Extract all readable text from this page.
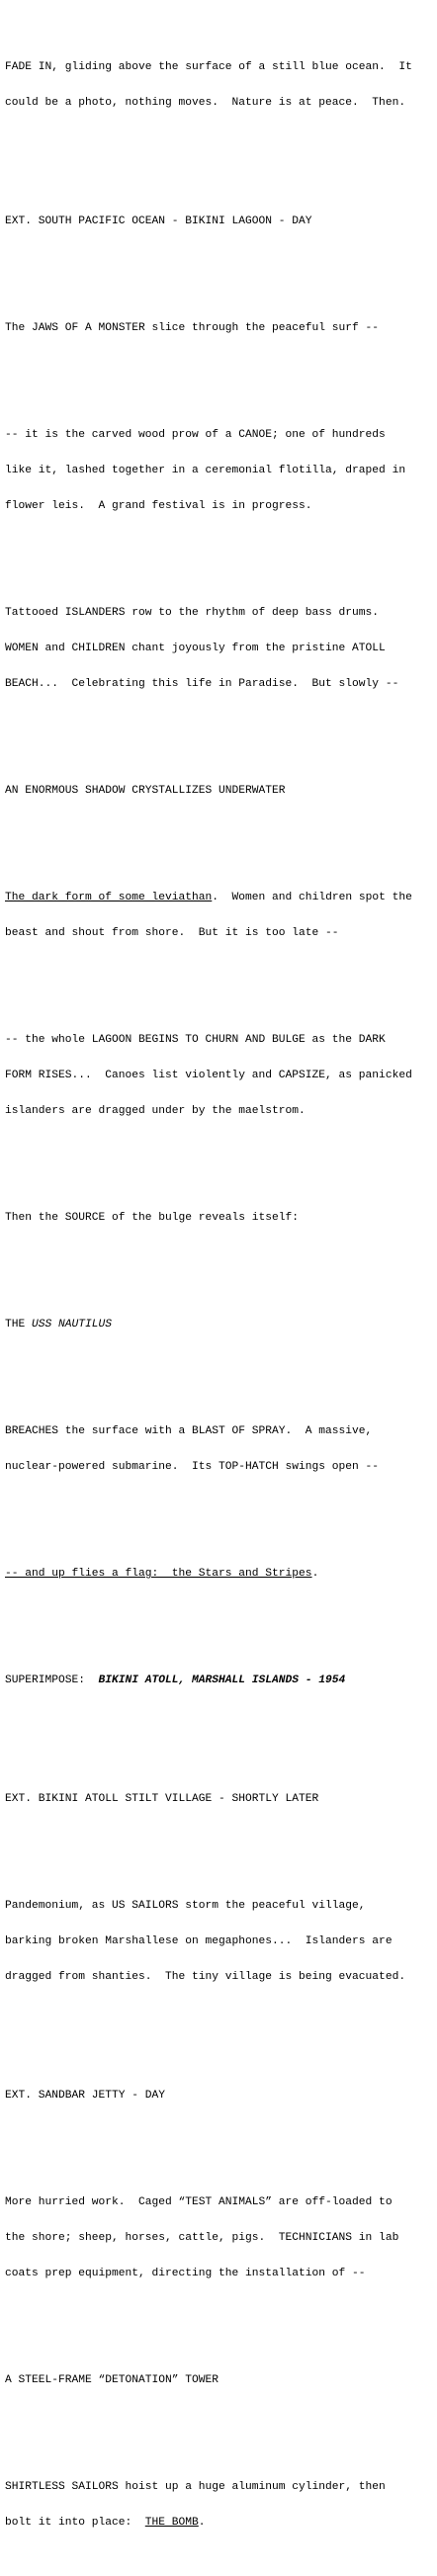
FADE IN, gliding above the surface of a still blue ocean.  It

could be a photo, nothing moves.  Nature is at peace.  Then.

EXT. SOUTH PACIFIC OCEAN - BIKINI LAGOON - DAY

The JAWS OF A MONSTER slice through the peaceful surf --

-- it is the carved wood prow of a CANOE; one of hundreds

like it, lashed together in a ceremonial flotilla, draped in

flower leis.  A grand festival is in progress.

Tattooed ISLANDERS row to the rhythm of deep bass drums.

WOMEN and CHILDREN chant joyously from the pristine ATOLL

BEACH...  Celebrating this life in Paradise.  But slowly --

AN ENORMOUS SHADOW CRYSTALLIZES UNDERWATER

The dark form of some leviathan.  Women and children spot the

beast and shout from shore.  But it is too late --

-- the whole LAGOON BEGINS TO CHURN AND BULGE as the DARK

FORM RISES...  Canoes list violently and CAPSIZE, as panicked

islanders are dragged under by the maelstrom.

Then the SOURCE of the bulge reveals itself:

THE USS NAUTILUS

BREACHES the surface with a BLAST OF SPRAY.  A massive,

nuclear-powered submarine.  Its TOP-HATCH swings open --

-- and up flies a flag:  the Stars and Stripes.

SUPERIMPOSE:  BIKINI ATOLL, MARSHALL ISLANDS - 1954

EXT. BIKINI ATOLL STILT VILLAGE - SHORTLY LATER

Pandemonium, as US SAILORS storm the peaceful village,

barking broken Marshallese on megaphones...  Islanders are

dragged from shanties.  The tiny village is being evacuated.

EXT. SANDBAR JETTY - DAY

More hurried work.  Caged “TEST ANIMALS” are off-loaded to

the shore; sheep, horses, cattle, pigs.  TECHNICIANS in lab

coats prep equipment, directing the installation of --

A STEEL-FRAME “DETONATION” TOWER

SHIRTLESS SAILORS hoist up a huge aluminum cylinder, then

bolt it into place:  THE BOMB.
